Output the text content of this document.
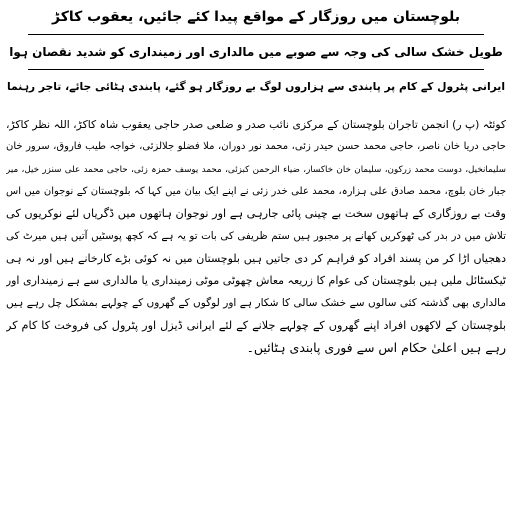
بلوچستان میں روزگار کے مواقع پیدا کئے جائیں، یعقوب کاکڑ

طویل خشک سالی کی وجہ سے صوبے میں مالداری اور زمینداری کو شدید نقصان ہوا

ایرانی پٹرول کے کام پر پابندی سے ہزاروں لوگ بے روزگار ہو گئے، پابندی ہٹائی جائے، تاجر رہنما

کوئٹہ (پ ر) انجمن تاجران بلوچستان کے مرکزی نائب صدر و ضلعی صدر حاجی یعقوب شاہ کاکڑ، اللہ نظر کاکڑ،
حاجی دریا خان ناصر، حاجی محمد حسن حیدر زئی، محمد نور دوران، ملا فضلو جلالزئی، خواجہ طیب فاروق، سرور خان
سلیمانخیل، دوست محمد زرکون، سلیمان خان خاکسار، ضیاء الرحمن کبزئی، محمد یوسف حمزہ زئی، حاجی محمد علی سنزر خیل، میر
جبار خان بلوچ، محمد صادق علی ہزارہ، محمد علی خدر زئی نے اپنے ایک بیان میں کہا کہ بلوچستان کے نوجوان میں اس
وقت بے روزگاری کے ہاتھوں سخت بے چینی پائی جارہی ہے اور نوجوان ہاتھوں میں ڈگریاں لئے نوکریوں کی
تلاش میں در بدر کی ٹھوکریں کھانے پر مجبور ہیں ستم ظریفی کی بات تو یہ ہے کہ کچھ پوسٹیں آتیں ہیں میرٹ کی
دھجیاں اڑا کر من پسند افراد کو فراہم کر دی جاتیں ہیں بلوچستان میں نہ کوئی بڑے کارخانے ہیں اور نہ ہی
ٹیکسٹائل ملیں ہیں بلوچستان کی عوام کا زریعہ معاش چھوٹی موٹی زمینداری یا مالداری سے ہے زمینداری اور
مالداری بھی گذشتہ کئی سالوں سے خشک سالی کا شکار ہے اور لوگوں کے گھروں کے چولہے بمشکل چل رہے ہیں
بلوچستان کے لاکھوں افراد اپنے گھروں کے چولہے جلانے کے لئے ایرانی ڈیزل اور پٹرول کی فروخت کا کام کر
رہے ہیں اعلیٰ حکام اس سے فوری پابندی ہٹائیں۔
